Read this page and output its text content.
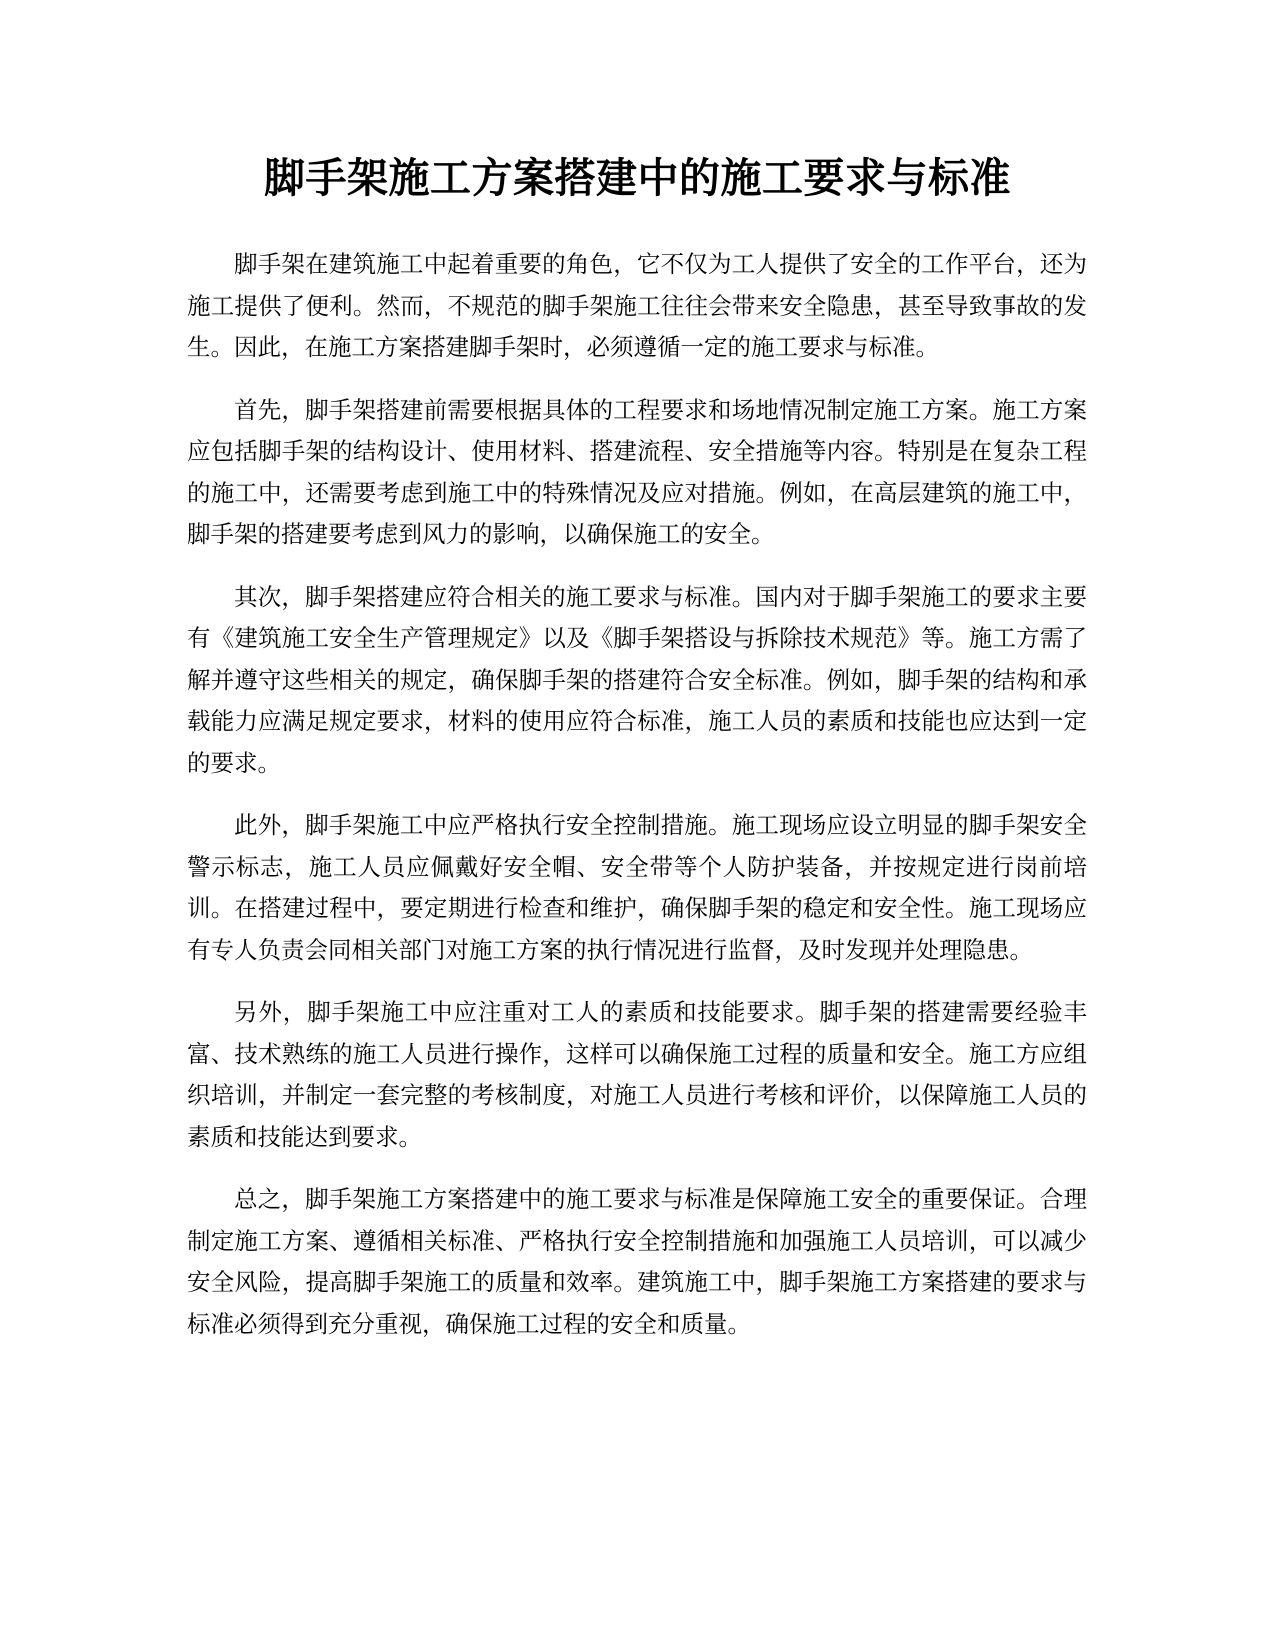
脚手架施工方案搭建中的施工要求与标准

脚手架在建筑施工中起着重要的角色，它不仅为工人提供了安全的工作平台，还为施工提供了便利。然而，不规范的脚手架施工往往会带来安全隐患，甚至导致事故的发生。因此，在施工方案搭建脚手架时，必须遵循一定的施工要求与标准。

首先，脚手架搭建前需要根据具体的工程要求和场地情况制定施工方案。施工方案应包括脚手架的结构设计、使用材料、搭建流程、安全措施等内容。特别是在复杂工程的施工中，还需要考虑到施工中的特殊情况及应对措施。例如，在高层建筑的施工中，脚手架的搭建要考虑到风力的影响，以确保施工的安全。

其次，脚手架搭建应符合相关的施工要求与标准。国内对于脚手架施工的要求主要有《建筑施工安全生产管理规定》以及《脚手架搭设与拆除技术规范》等。施工方需了解并遵守这些相关的规定，确保脚手架的搭建符合安全标准。例如，脚手架的结构和承载能力应满足规定要求，材料的使用应符合标准，施工人员的素质和技能也应达到一定的要求。

此外，脚手架施工中应严格执行安全控制措施。施工现场应设立明显的脚手架安全警示标志，施工人员应佩戴好安全帽、安全带等个人防护装备，并按规定进行岗前培训。在搭建过程中，要定期进行检查和维护，确保脚手架的稳定和安全性。施工现场应有专人负责会同相关部门对施工方案的执行情况进行监督，及时发现并处理隐患。

另外，脚手架施工中应注重对工人的素质和技能要求。脚手架的搭建需要经验丰富、技术熟练的施工人员进行操作，这样可以确保施工过程的质量和安全。施工方应组织培训，并制定一套完整的考核制度，对施工人员进行考核和评价，以保障施工人员的素质和技能达到要求。

总之，脚手架施工方案搭建中的施工要求与标准是保障施工安全的重要保证。合理制定施工方案、遵循相关标准、严格执行安全控制措施和加强施工人员培训，可以减少安全风险，提高脚手架施工的质量和效率。建筑施工中，脚手架施工方案搭建的要求与标准必须得到充分重视，确保施工过程的安全和质量。
